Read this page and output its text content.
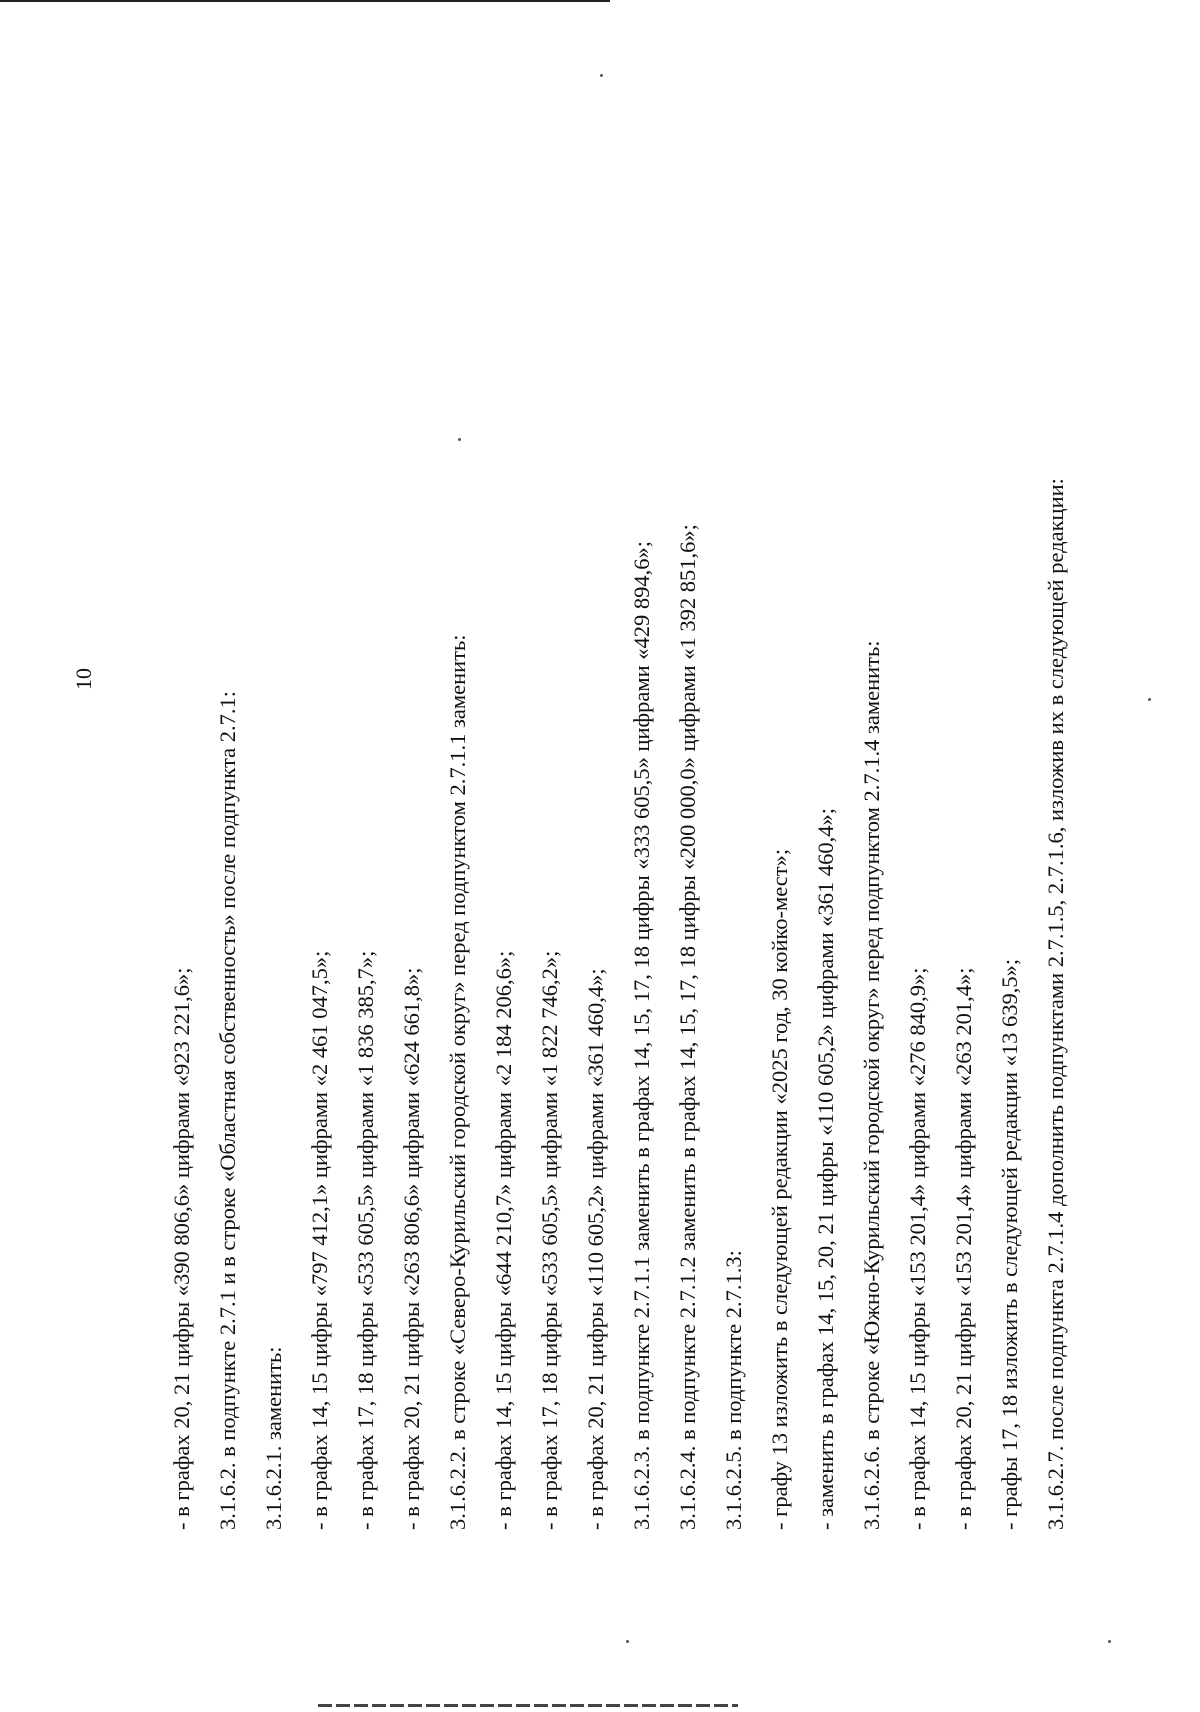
10
- в графах 20, 21 цифры «390 806,6» цифрами «923 221,6»; 3.1.6.2. в подпункте 2.7.1 и в строке «Областная собственность» после подпункта 2.7.1: 3.1.6.2.1. заменить: - в графах 14, 15 цифры «797 412,1» цифрами «2 461 047,5»; - в графах 17, 18 цифры «533 605,5» цифрами «1 836 385,7»; - в графах 20, 21 цифры «263 806,6» цифрами «624 661,8»; 3.1.6.2.2. в строке «Северо-Курильский городской округ» перед подпунктом 2.7.1.1 заменить: - в графах 14, 15 цифры «644 210,7» цифрами «2 184 206,6»; - в графах 17, 18 цифры «533 605,5» цифрами «1 822 746,2»; - в графах 20, 21 цифры «110 605,2» цифрами «361 460,4»; 3.1.6.2.3. в подпункте 2.7.1.1 заменить в графах 14, 15, 17, 18 цифры «333 605,5» цифрами «429 894,6»; 3.1.6.2.4. в подпункте 2.7.1.2 заменить в графах 14, 15, 17, 18 цифры «200 000,0» цифрами «1 392 851,6»; 3.1.6.2.5. в подпункте 2.7.1.3: - графу 13 изложить в следующей редакции «2025 год, 30 койко-мест»; - заменить в графах 14, 15, 20, 21 цифры «110 605,2» цифрами «361 460,4»; 3.1.6.2.6. в строке «Южно-Курильский городской округ» перед подпунктом 2.7.1.4 заменить: - в графах 14, 15 цифры «153 201,4» цифрами «276 840,9»; - в графах 20, 21 цифры «153 201,4» цифрами «263 201,4»; - графы 17, 18 изложить в следующей редакции «13 639,5»; 3.1.6.2.7. после подпункта 2.7.1.4 дополнить подпунктами 2.7.1.5, 2.7.1.6, изложив их в следующей редакции:
